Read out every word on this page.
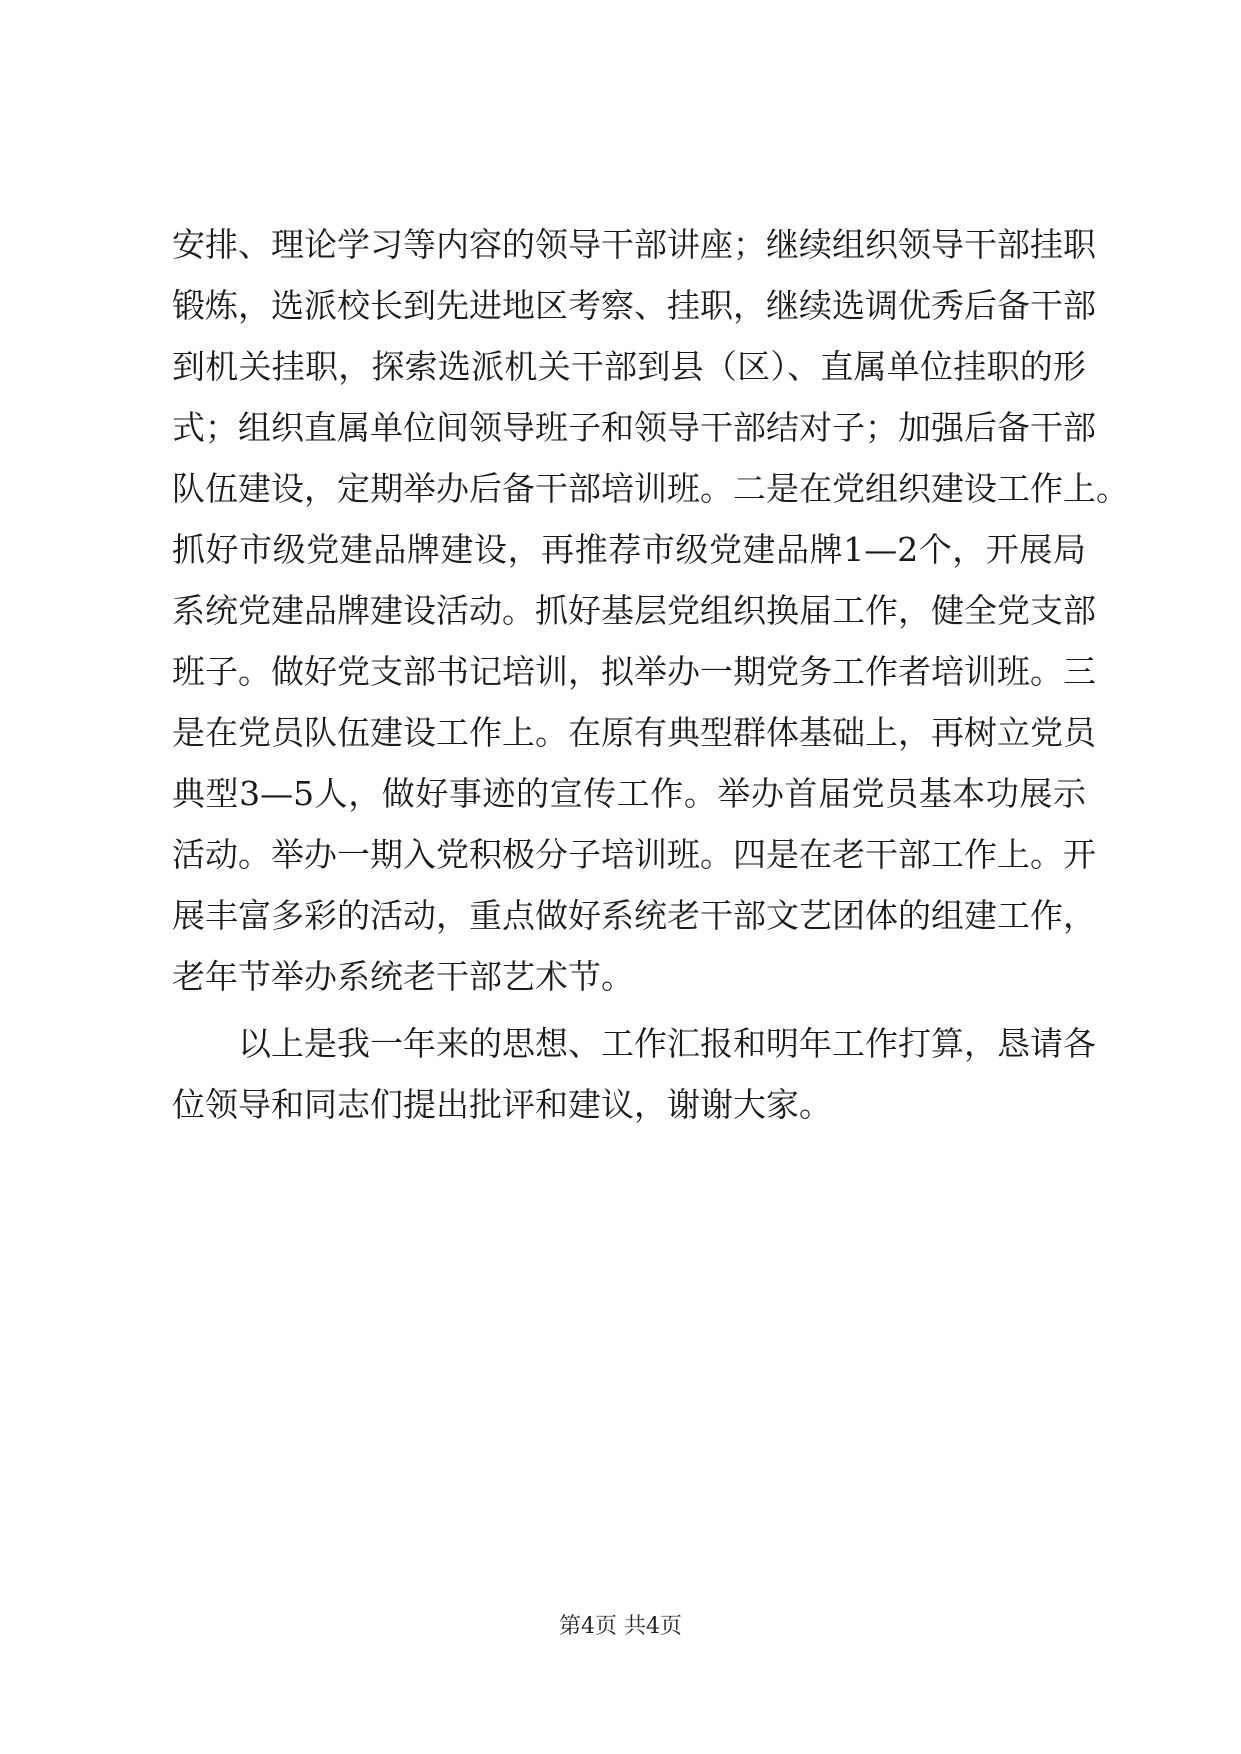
安排、理论学习等内容的领导干部讲座；继续组织领导干部挂职
锻炼，选派校长到先进地区考察、挂职，继续选调优秀后备干部
到机关挂职，探索选派机关干部到县（区）、直属单位挂职的形
式；组织直属单位间领导班子和领导干部结对子；加强后备干部
队伍建设，定期举办后备干部培训班。二是在党组织建设工作上。
抓好市级党建品牌建设，再推荐市级党建品牌1—2个，开展局
系统党建品牌建设活动。抓好基层党组织换届工作，健全党支部
班子。做好党支部书记培训，拟举办一期党务工作者培训班。三
是在党员队伍建设工作上。在原有典型群体基础上，再树立党员
典型3—5人，做好事迹的宣传工作。举办首届党员基本功展示
活动。举办一期入党积极分子培训班。四是在老干部工作上。开
展丰富多彩的活动，重点做好系统老干部文艺团体的组建工作，
老年节举办系统老干部艺术节。
以上是我一年来的思想、工作汇报和明年工作打算，恳请各
位领导和同志们提出批评和建议，谢谢大家。
第4页 共4页
